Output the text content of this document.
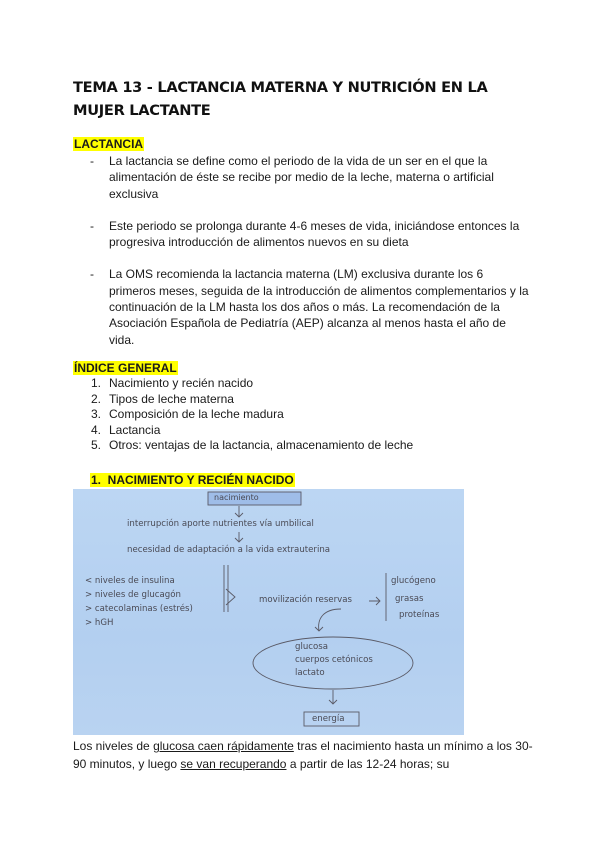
TEMA 13 - LACTANCIA MATERNA Y NUTRICIÓN EN LA MUJER LACTANTE
LACTANCIA
- La lactancia se define como el periodo de la vida de un ser en el que la alimentación de éste se recibe por medio de la leche, materna o artificial exclusiva
- Este periodo se prolonga durante 4-6 meses de vida, iniciándose entonces la progresiva introducción de alimentos nuevos en su dieta
- La OMS recomienda la lactancia materna (LM) exclusiva durante los 6 primeros meses, seguida de la introducción de alimentos complementarios y la continuación de la LM hasta los dos años o más. La recomendación de la Asociación Española de Pediatría (AEP) alcanza al menos hasta el año de vida.
ÍNDICE GENERAL
1. Nacimiento y recién nacido
2. Tipos de leche materna
3. Composición de la leche madura
4. Lactancia
5. Otros: ventajas de la lactancia, almacenamiento de leche
1.  NACIMIENTO Y RECIÉN NACIDO
nacimiento
interrupción aporte nutrientes vía umbilical
necesidad de adaptación a la vida extrauterina
< niveles de insulina
> niveles de glucagón
> catecolaminas (estrés)
> hGH
movilización reservas
glucógeno
grasas
proteínas
glucosa
cuerpos cetónicos
lactato
energía
Los niveles de glucosa caen rápidamente tras el nacimiento hasta un mínimo a los 30-90 minutos, y luego se van recuperando a partir de las 12-24 horas; su
